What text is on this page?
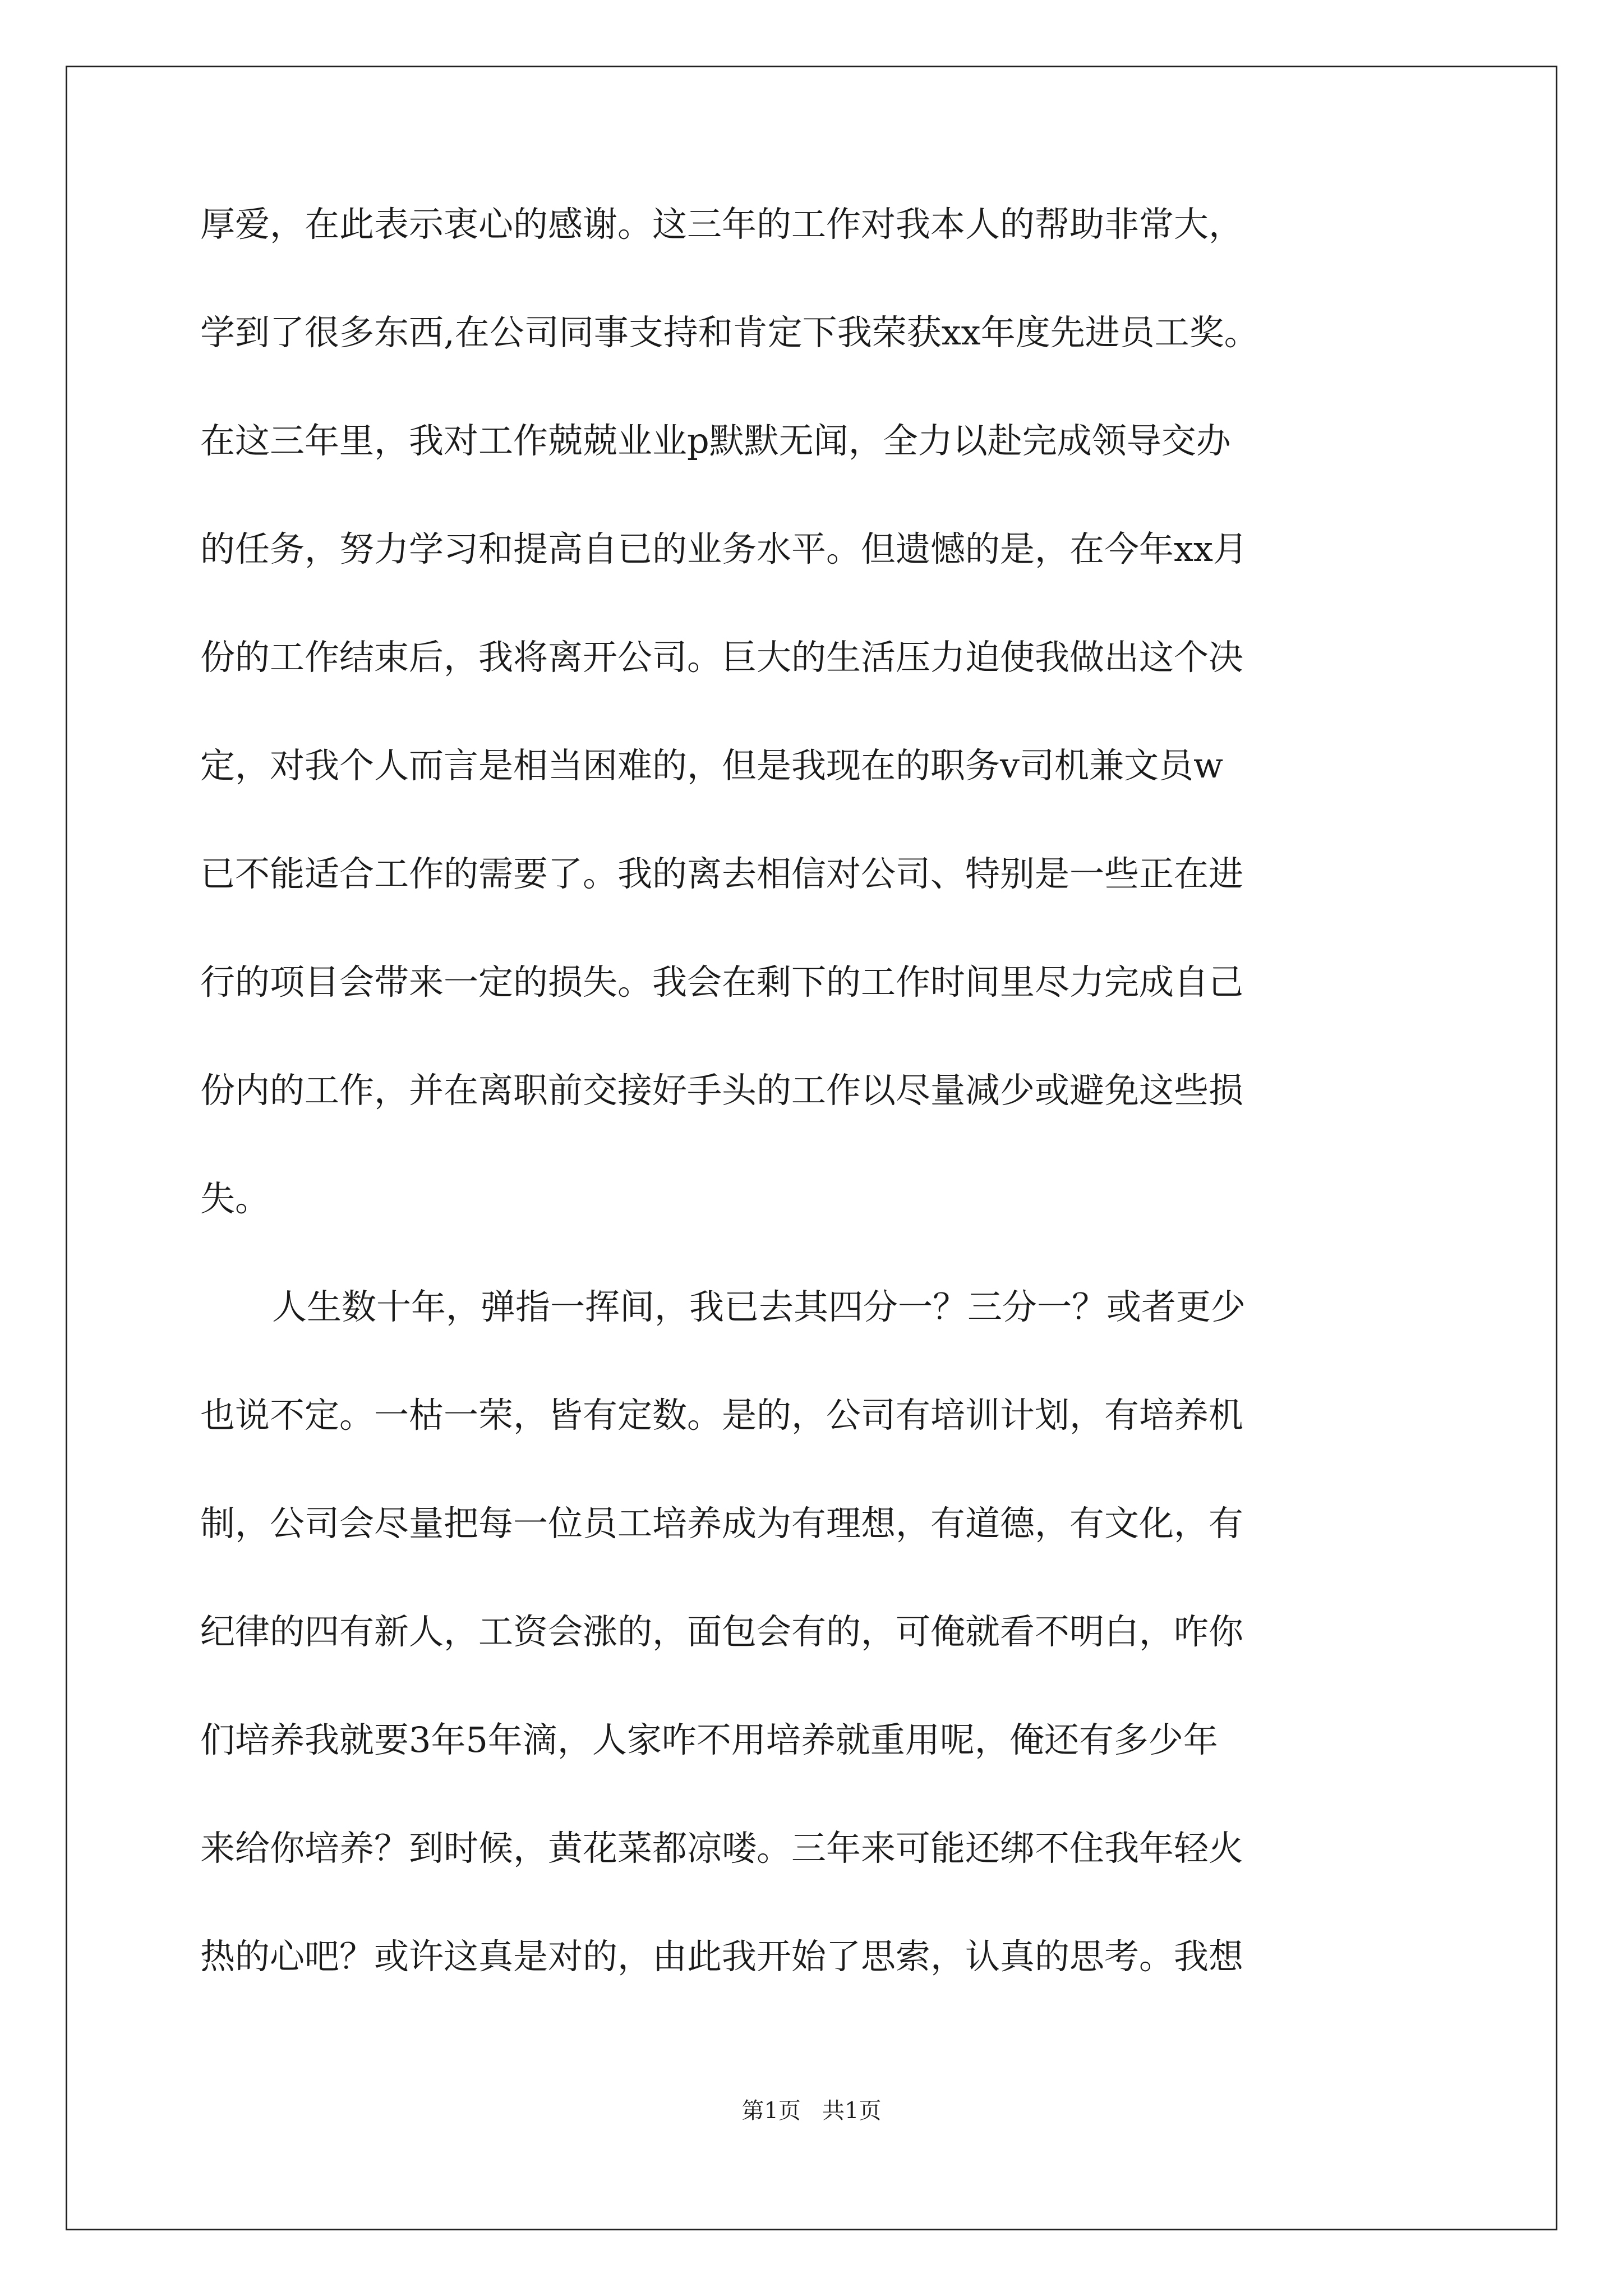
厚爱，在此表示衷心的感谢。这三年的工作对我本人的帮助非常大，
学到了很多东西,在公司同事支持和肯定下我荣获xx年度先进员工奖。
在这三年里，我对工作兢兢业业p默默无闻，全力以赴完成领导交办
的任务，努力学习和提高自已的业务水平。但遗憾的是，在今年xx月
份的工作结束后，我将离开公司。巨大的生活压力迫使我做出这个决
定，对我个人而言是相当困难的，但是我现在的职务v司机兼文员w
已不能适合工作的需要了。我的离去相信对公司、特别是一些正在进
行的项目会带来一定的损失。我会在剩下的工作时间里尽力完成自己
份内的工作，并在离职前交接好手头的工作以尽量减少或避免这些损
失。
人生数十年，弹指一挥间，我已去其四分一？三分一？或者更少
也说不定。一枯一荣，皆有定数。是的，公司有培训计划，有培养机
制，公司会尽量把每一位员工培养成为有理想，有道德，有文化，有
纪律的四有新人，工资会涨的，面包会有的，可俺就看不明白，咋你
们培养我就要3年5年滴，人家咋不用培养就重用呢，俺还有多少年
来给你培养？到时候，黄花菜都凉喽。三年来可能还绑不住我年轻火
热的心吧？或许这真是对的，由此我开始了思索，认真的思考。我想
第1页   共1页
